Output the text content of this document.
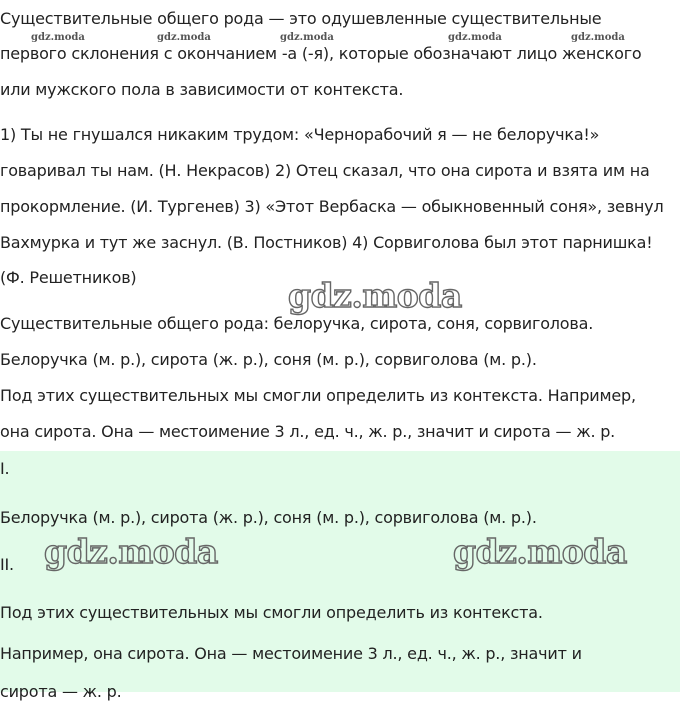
Существительные общего рода — это одушевленные существительные
первого склонения с окончанием -а (-я), которые обозначают лицо женского
или мужского пола в зависимости от контекста.
1) Ты не гнушался никаким трудом: «Чернорабочий я — не белоручка!»
говаривал ты нам. (Н. Некрасов) 2) Отец сказал, что она сирота и взята им на
прокормление. (И. Тургенев) 3) «Этот Вербаска — обыкновенный соня», зевнул
Вахмурка и тут же заснул. (В. Постников) 4) Сорвиголова был этот парнишка!
(Ф. Решетников)
Существительные общего рода: белоручка, сирота, соня, сорвиголова.
Белоручка (м. р.), сирота (ж. р.), соня (м. р.), сорвиголова (м. р.).
Под этих существительных мы смогли определить из контекста. Например,
она сирота. Она — местоимение 3 л., ед. ч., ж. р., значит и сирота — ж. р.
I.
Белоручка (м. р.), сирота (ж. р.), соня (м. р.), сорвиголова (м. р.).
II.
Под этих существительных мы смогли определить из контекста.
Например, она сирота. Она — местоимение 3 л., ед. ч., ж. р., значит и
сирота — ж. р.
gdz.moda	gdz.moda	gdz.moda	gdz.moda	gdz.moda
gdz.moda
gdz.moda	gdz.moda
